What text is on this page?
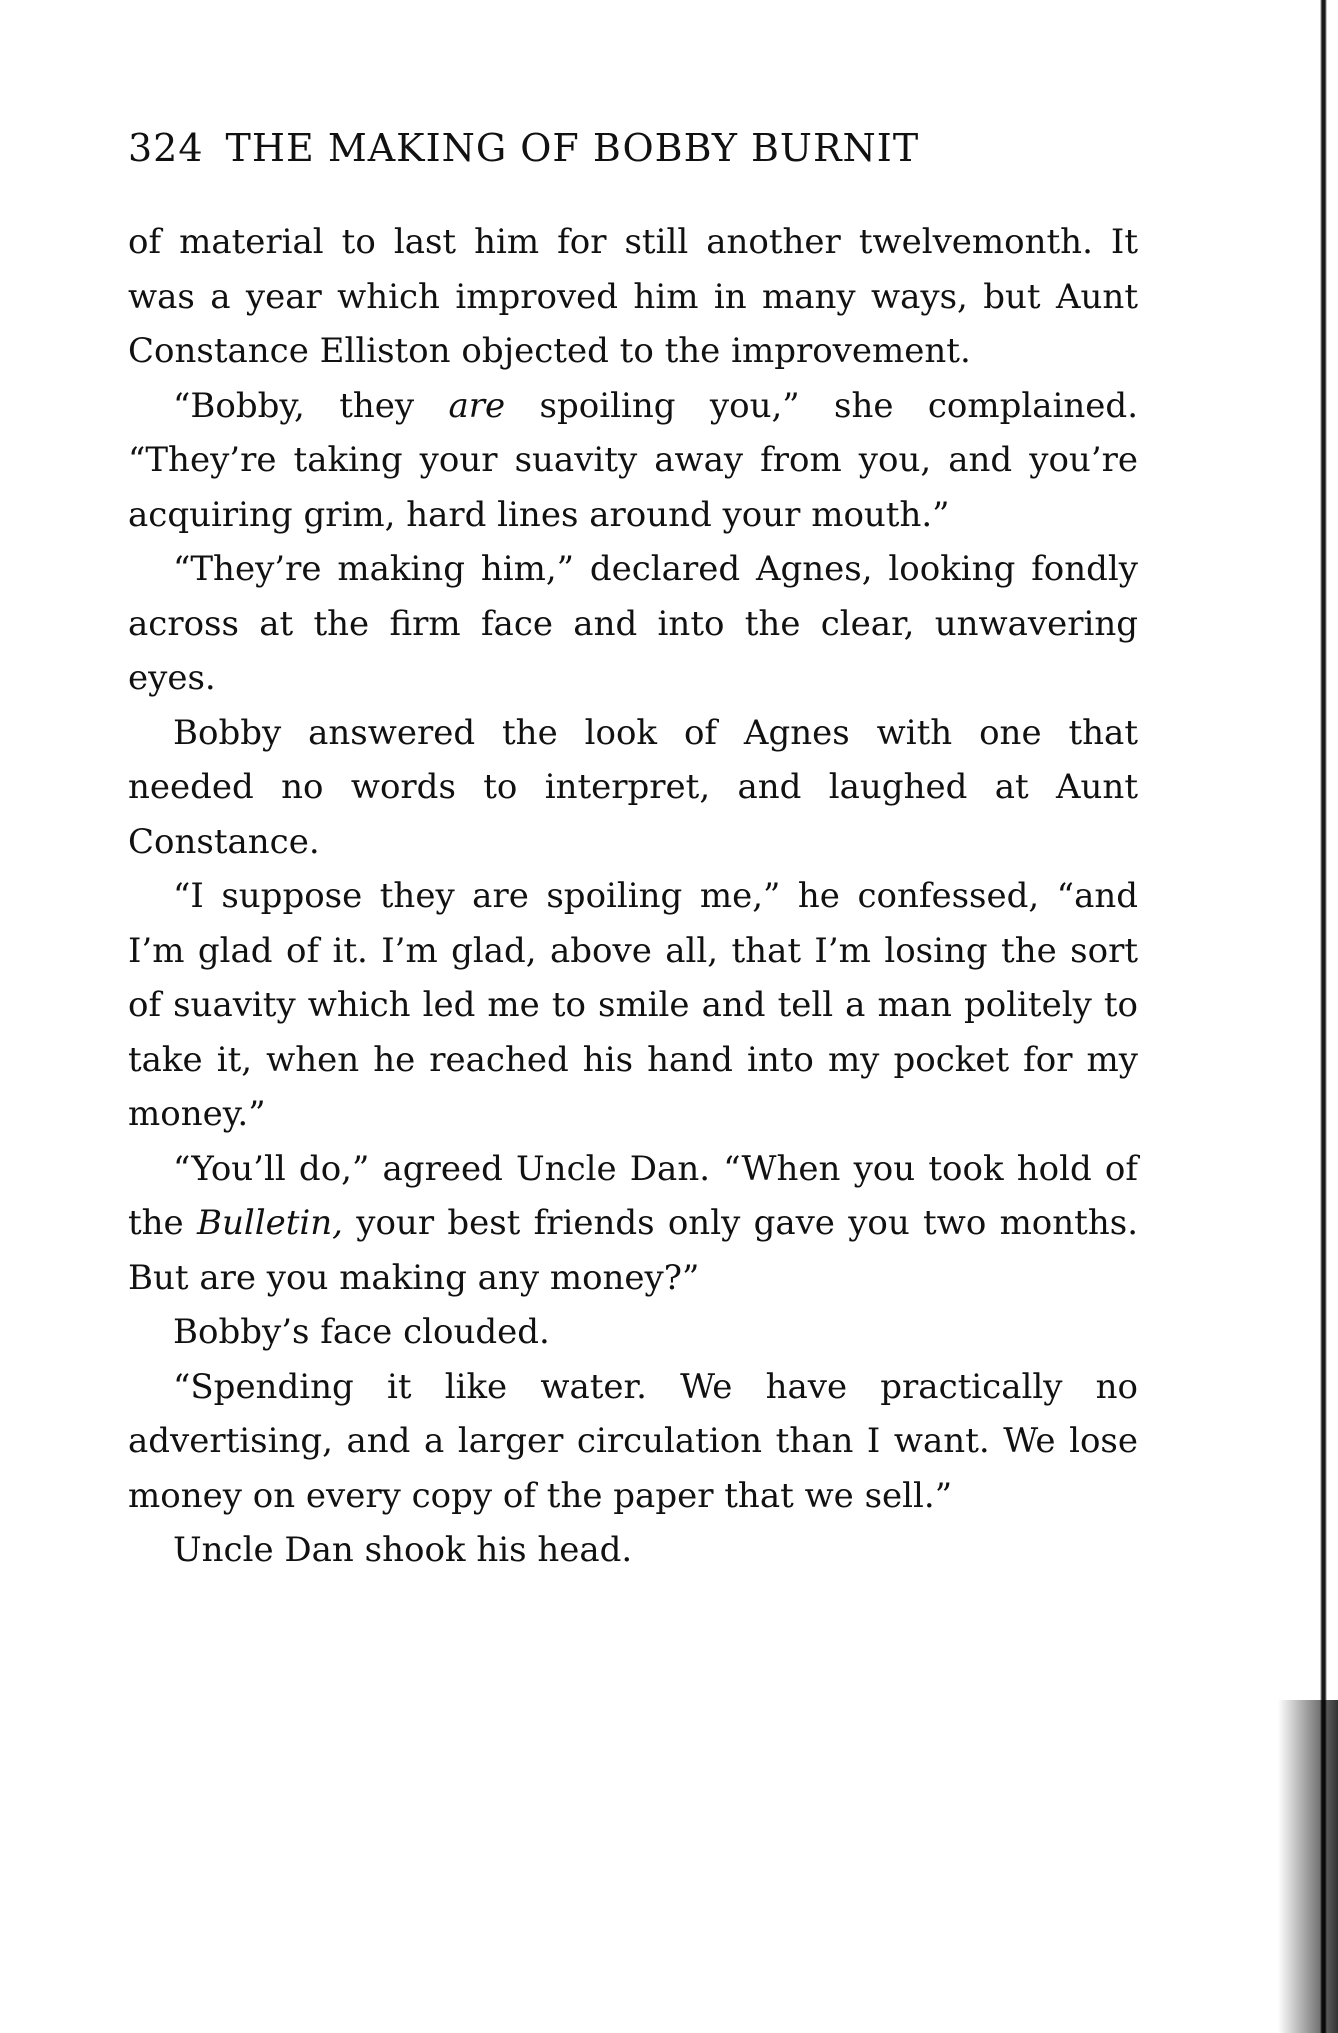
324 THE MAKING OF BOBBY BURNIT

of material to last him for still another twelvemonth. It was a year which improved him in many ways, but Aunt Constance Elliston objected to the improvement.

“Bobby, they are spoiling you,” she complained. “They’re taking your suavity away from you, and you’re acquiring grim, hard lines around your mouth.”

“They’re making him,” declared Agnes, looking fondly across at the firm face and into the clear, unwavering eyes.

Bobby answered the look of Agnes with one that needed no words to interpret, and laughed at Aunt Constance.

“I suppose they are spoiling me,” he confessed, “and I’m glad of it. I’m glad, above all, that I’m losing the sort of suavity which led me to smile and tell a man politely to take it, when he reached his hand into my pocket for my money.”

“You’ll do,” agreed Uncle Dan. “When you took hold of the Bulletin, your best friends only gave you two months. But are you making any money?”

Bobby’s face clouded.

“Spending it like water. We have practically no advertising, and a larger circulation than I want. We lose money on every copy of the paper that we sell.”

Uncle Dan shook his head.
